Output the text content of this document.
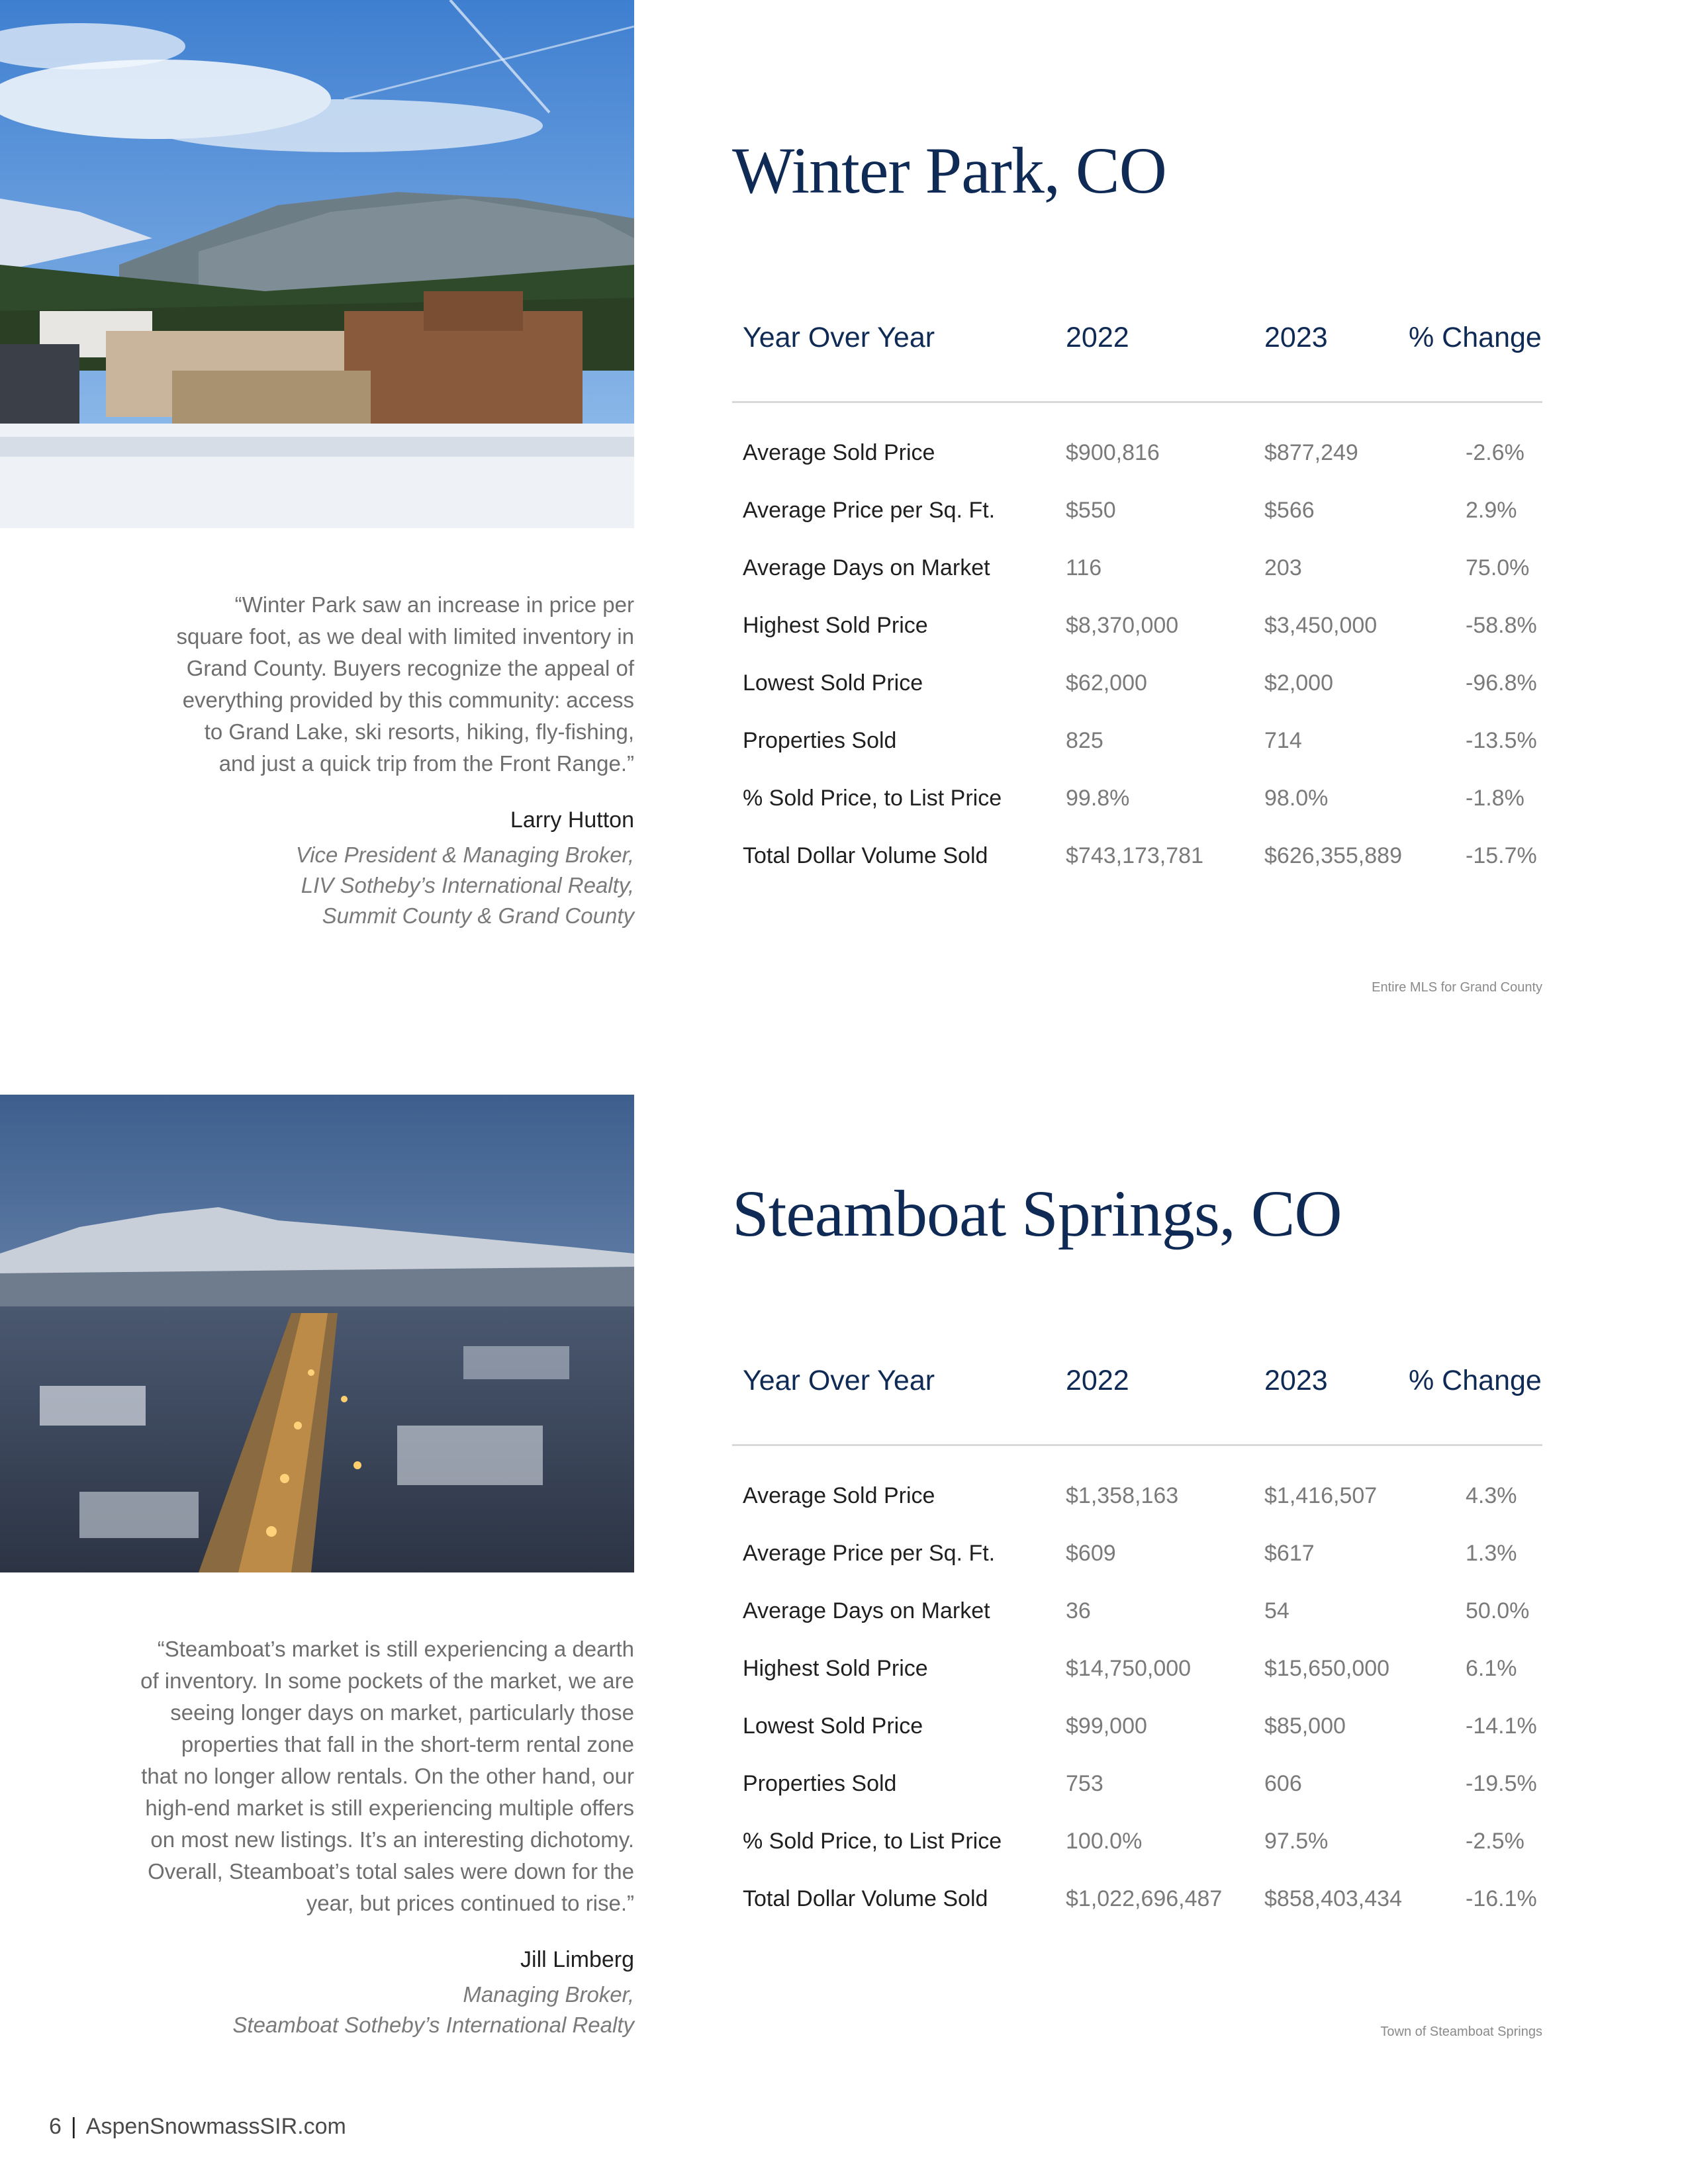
Winter Park, CO
Year Over Year	2022	2023	% Change
Average Sold Price	$900,816	$877,249	-2.6%
Average Price per Sq. Ft.	$550	$566	2.9%
Average Days on Market	116	203	75.0%
Highest Sold Price	$8,370,000	$3,450,000	-58.8%
Lowest Sold Price	$62,000	$2,000	-96.8%
Properties Sold	825	714	-13.5%
% Sold Price, to List Price	99.8%	98.0%	-1.8%
Total Dollar Volume Sold	$743,173,781	$626,355,889	-15.7%
Entire MLS for Grand County

“Winter Park saw an increase in price per
square foot, as we deal with limited inventory in
Grand County. Buyers recognize the appeal of
everything provided by this community: access
to Grand Lake, ski resorts, hiking, fly-fishing,
and just a quick trip from the Front Range.”

Larry Hutton

Vice President & Managing Broker,
LIV Sotheby’s International Realty,
Summit County & Grand County

Steamboat Springs, CO
Year Over Year	2022	2023	% Change
Average Sold Price	$1,358,163	$1,416,507	4.3%
Average Price per Sq. Ft.	$609	$617	1.3%
Average Days on Market	36	54	50.0%
Highest Sold Price	$14,750,000	$15,650,000	6.1%
Lowest Sold Price	$99,000	$85,000	-14.1%
Properties Sold	753	606	-19.5%
% Sold Price, to List Price	100.0%	97.5%	-2.5%
Total Dollar Volume Sold	$1,022,696,487 $858,403,434	-16.1%
Town of Steamboat Springs

“Steamboat’s market is still experiencing a dearth
of inventory. In some pockets of the market, we are
seeing longer days on market, particularly those
properties that fall in the short-term rental zone
that no longer allow rentals. On the other hand, our
high-end market is still experiencing multiple offers
on most new listings. It’s an interesting dichotomy.
Overall, Steamboat’s total sales were down for the
year, but prices continued to rise.”

Jill Limberg

Managing Broker,
Steamboat Sotheby’s International Realty

6 | AspenSnowmassSIR.com
